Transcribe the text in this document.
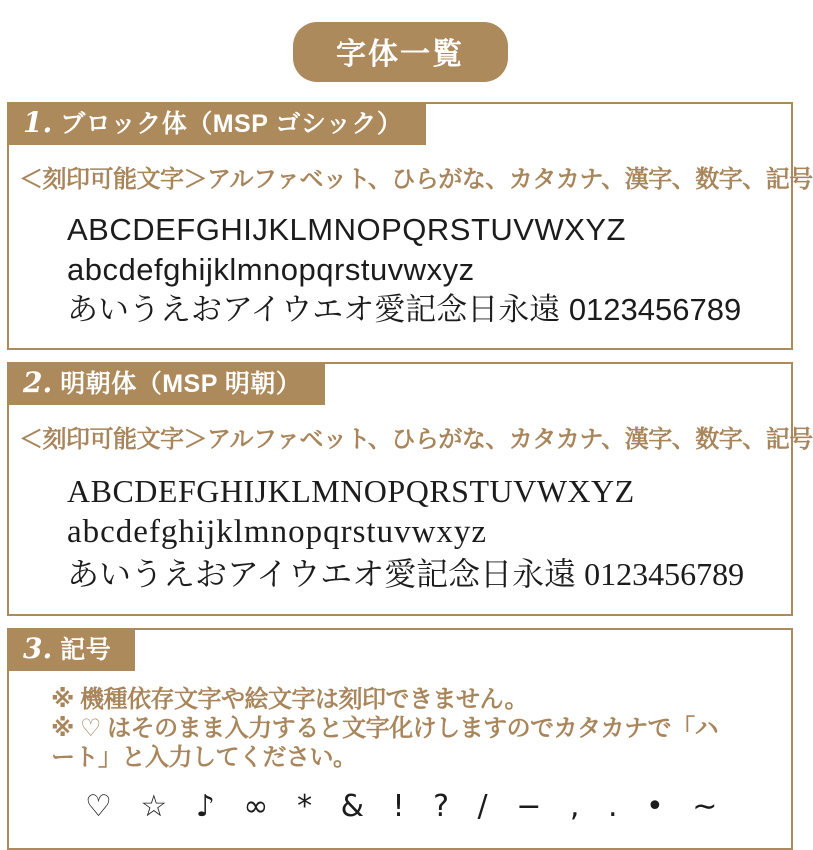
字体一覧
1. ブロック体（MSP ゴシック）
＜刻印可能文字＞アルファベット、ひらがな、カタカナ、漢字、数字、記号
ABCDEFGHIJKLMNOPQRSTUVWXYZ
abcdefghijklmnopqrstuvwxyz
あいうえおアイウエオ愛記念日永遠 0123456789
2. 明朝体（MSP 明朝）
＜刻印可能文字＞アルファベット、ひらがな、カタカナ、漢字、数字、記号
ABCDEFGHIJKLMNOPQRSTUVWXYZ
abcdefghijklmnopqrstuvwxyz
あいうえおアイウエオ愛記念日永遠 0123456789
3. 記号
※ 機種依存文字や絵文字は刻印できません。
※ ♡ はそのまま入力すると文字化けしますのでカタカナで「ハート」と入力してください。
♡ ☆ ♪ ∞ * & ! ? / − , . • ∼
